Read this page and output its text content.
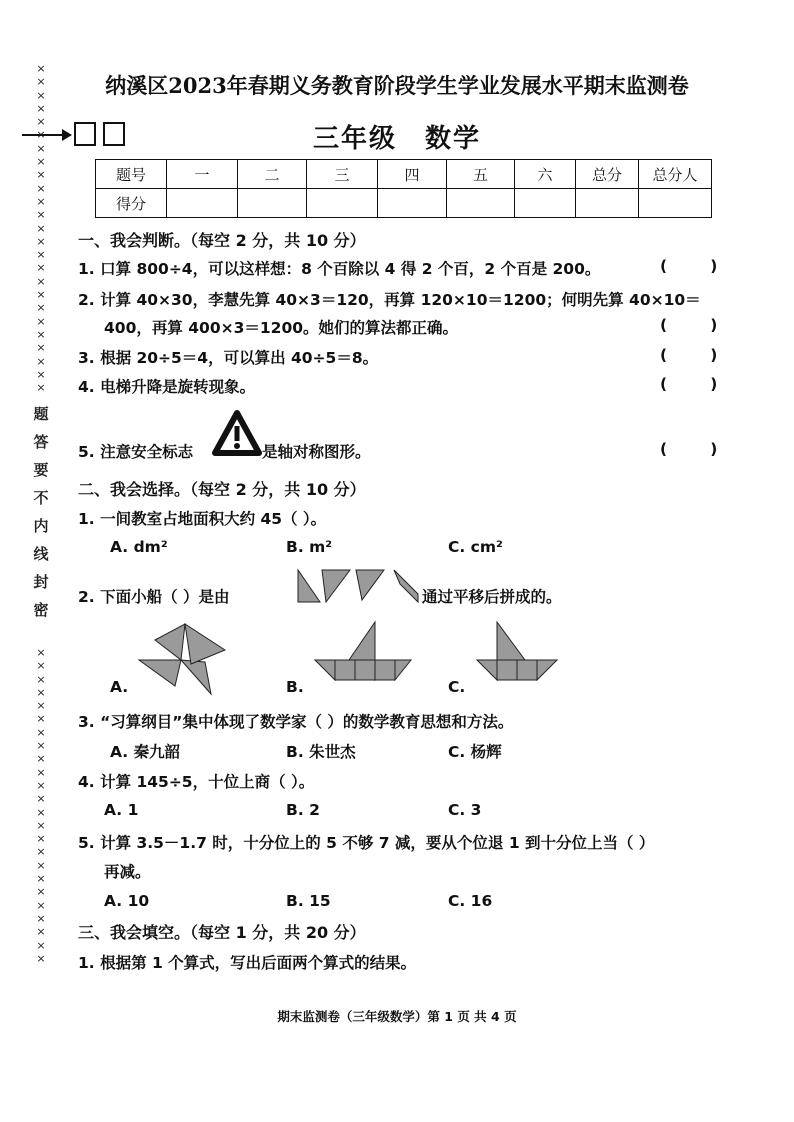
×
×
×
×
×

×
×
×
×
×
×
×
×
×
×
×
×
×
×
×
×
×
×
×
题
答
要
不
内
线
封
密
×
×
×
×
×
×
×
×
×
×
×
×
×
×
×
×
×
×
×
×
×
×
×
×
纳溪区2023年春期义务教育阶段学生学业发展水平期末监测卷
三年级　数学
题号	一	二	三	四	五	六	总分	总分人
得分								
一、我会判断。（每空 2 分，共 10 分）
1. 口算 800÷4，可以这样想：8 个百除以 4 得 2 个百，2 个百是 200。	(        )
2. 计算 40×30，李慧先算 40×3＝120，再算 120×10＝1200；何明先算 40×10＝
400，再算 400×3＝1200。她们的算法都正确。	(        )
3. 根据 20÷5＝4，可以算出 40÷5＝8。	(        )
4. 电梯升降是旋转现象。	(        )
5. 注意安全标志	是轴对称图形。	(        )
二、我会选择。（每空 2 分，共 10 分）
1. 一间教室占地面积大约 45（ ）。
A. dm²	B. m²	C. cm²
2. 下面小船（ ）是由	通过平移后拼成的。
A.	B.	C.
3. “习算纲目”集中体现了数学家（ ）的数学教育思想和方法。
A. 秦九韶	B. 朱世杰	C. 杨辉
4. 计算 145÷5，十位上商（ ）。
A. 1	B. 2	C. 3
5. 计算 3.5－1.7 时，十分位上的 5 不够 7 减，要从个位退 1 到十分位上当（ ）
再减。
A. 10	B. 15	C. 16
三、我会填空。（每空 1 分，共 20 分）
1. 根据第 1 个算式，写出后面两个算式的结果。
期末监测卷（三年级数学）第 1 页 共 4 页
